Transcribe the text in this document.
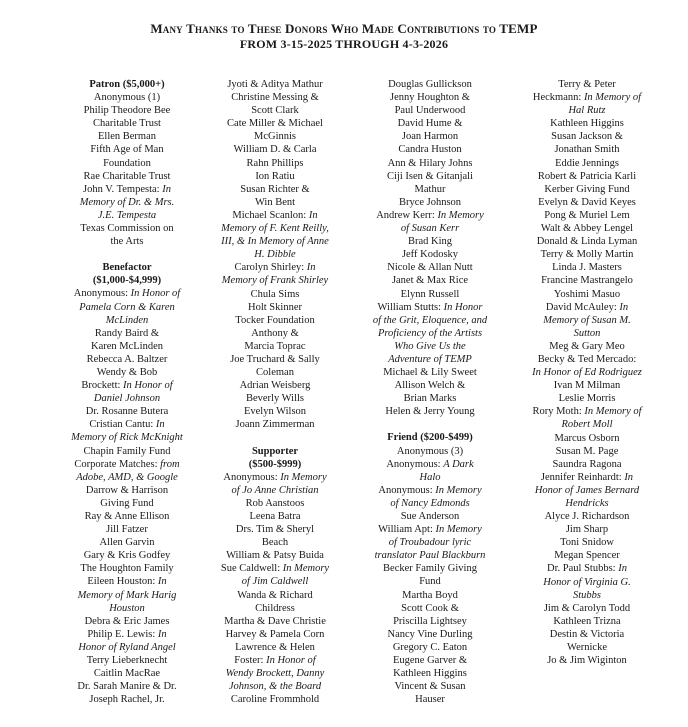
Many Thanks to These Donors Who Made Contributions to TEMP
FROM 3-15-2025 THROUGH 4-3-2026
Patron ($5,000+)
Anonymous (1)
Philip Theodore Bee
Charitable Trust
Ellen Berman
Fifth Age of Man
Foundation
Rae Charitable Trust
John V. Tempesta: In
Memory of Dr. & Mrs.
J.E. Tempesta
Texas Commission on
the Arts
Benefactor
($1,000-$4,999)
Anonymous: In Honor of
Pamela Corn & Karen
McLinden
Randy Baird &
Karen McLinden
Rebecca A. Baltzer
Wendy & Bob
Brockett: In Honor of
Daniel Johnson
Dr. Rosanne Butera
Cristian Cantu: In
Memory of Rick McKnight
Chapin Family Fund
Corporate Matches: from
Adobe, AMD, & Google
Darrow & Harrison
Giving Fund
Ray & Anne Ellison
Jill Fatzer
Allen Garvin
Gary & Kris Godfey
The Houghton Family
Eileen Houston: In
Memory of Mark Harig
Houston
Debra & Eric James
Philip E. Lewis: In
Honor of Ryland Angel
Terry Lieberknecht
Caitlin MacRae
Dr. Sarah Manire & Dr.
Joseph Rachel, Jr.
Jyoti & Aditya Mathur
Christine Messing &
Scott Clark
Cate Miller & Michael
McGinnis
William D. & Carla
Rahn Phillips
Ion Ratiu
Susan Richter &
Win Bent
Michael Scanlon: In
Memory of F. Kent Reilly,
III, & In Memory of Anne
H. Dibble
Carolyn Shirley: In
Memory of Frank Shirley
Chula Sims
Holt Skinner
Tocker Foundation
Anthony &
Marcia Toprac
Joe Truchard & Sally
Coleman
Adrian Weisberg
Beverly Wills
Evelyn Wilson
Joann Zimmerman
Supporter
($500-$999)
Anonymous: In Memory
of Jo Anne Christian
Rob Aanstoos
Leena Batra
Drs. Tim & Sheryl
Beach
William & Patsy Buida
Sue Caldwell: In Memory
of Jim Caldwell
Wanda & Richard
Childress
Martha & Dave Christie
Harvey & Pamela Corn
Lawrence & Helen
Foster: In Honor of
Wendy Brockett, Danny
Johnson, & the Board
Caroline Frommhold
Douglas Gullickson
Jenny Houghton &
Paul Underwood
David Hume &
Joan Harmon
Candra Huston
Ann & Hilary Johns
Ciji Isen & Gitanjali
Mathur
Bryce Johnson
Andrew Kerr: In Memory
of Susan Kerr
Brad King
Jeff Kodosky
Nicole & Allan Nutt
Janet & Max Rice
Elynn Russell
William Stutts: In Honor
of the Grit, Eloquence, and
Proficiency of the Artists
Who Give Us the
Adventure of TEMP
Michael & Lily Sweet
Allison Welch &
Brian Marks
Helen & Jerry Young
Friend ($200-$499)
Anonymous (3)
Anonymous: A Dark
Halo
Anonymous: In Memory
of Nancy Edmonds
Sue Anderson
William Apt: In Memory
of Troubadour lyric
translator Paul Blackburn
Becker Family Giving
Fund
Martha Boyd
Scott Cook &
Priscilla Lightsey
Nancy Vine Durling
Gregory C. Eaton
Eugene Garver &
Kathleen Higgins
Vincent & Susan
Hauser
Terry & Peter
Heckmann: In Memory of
Hal Rutz
Kathleen Higgins
Susan Jackson &
Jonathan Smith
Eddie Jennings
Robert & Patricia Karli
Kerber Giving Fund
Evelyn & David Keyes
Pong & Muriel Lem
Walt & Abbey Lengel
Donald & Linda Lyman
Terry & Molly Martin
Linda J. Masters
Francine Mastrangelo
Yoshimi Masuo
David McAuley: In
Memory of Susan M.
Sutton
Meg & Gary Meo
Becky & Ted Mercado:
In Honor of Ed Rodriguez
Ivan M Milman
Leslie Morris
Rory Moth: In Memory of
Robert Moll
Marcus Osborn
Susan M. Page
Saundra Ragona
Jennifer Reinhardt: In
Honor of James Bernard
Hendricks
Alyce J. Richardson
Jim Sharp
Toni Snidow
Megan Spencer
Dr. Paul Stubbs: In
Honor of Virginia G.
Stubbs
Jim & Carolyn Todd
Kathleen Trizna
Destin & Victoria
Wernicke
Jo & Jim Wiginton
